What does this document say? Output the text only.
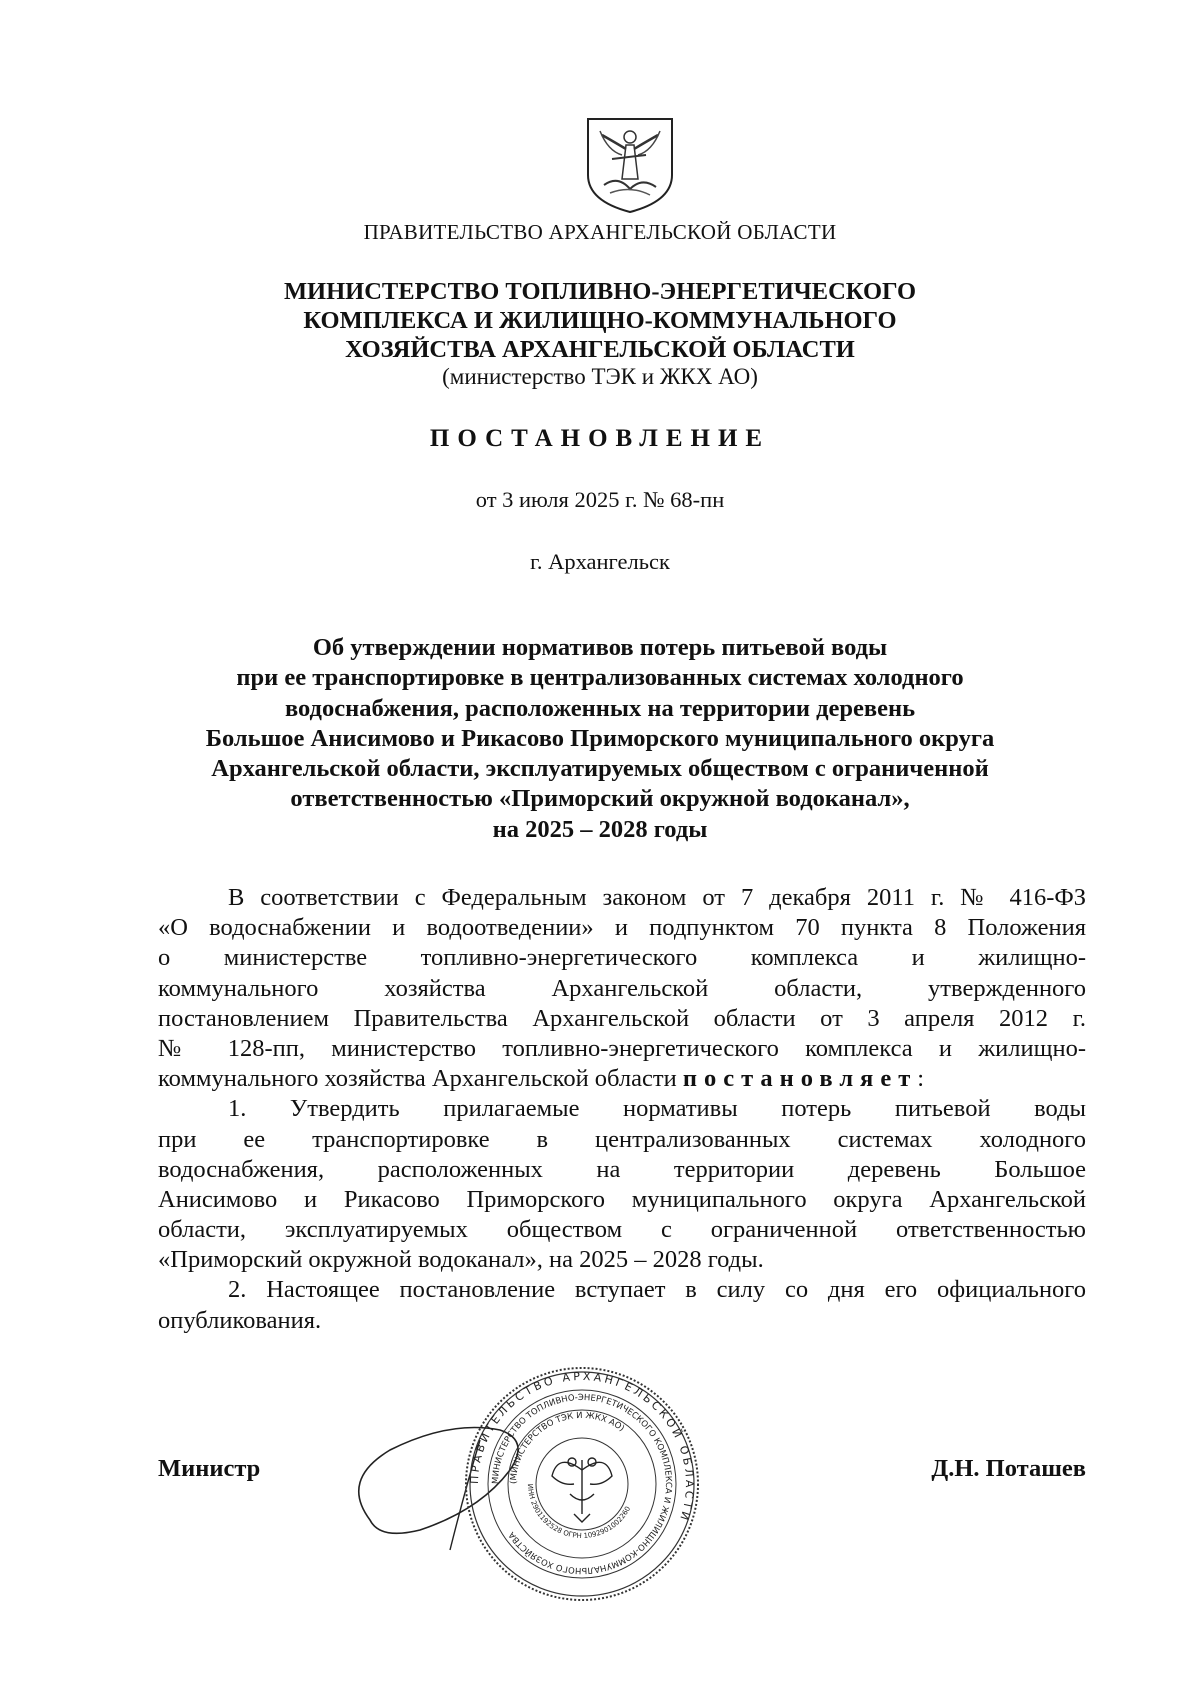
ПРАВИТЕЛЬСТВО АРХАНГЕЛЬСКОЙ ОБЛАСТИ
МИНИСТЕРСТВО ТОПЛИВНО-ЭНЕРГЕТИЧЕСКОГО
КОМПЛЕКСА И ЖИЛИЩНО-КОММУНАЛЬНОГО
ХОЗЯЙСТВА АРХАНГЕЛЬСКОЙ ОБЛАСТИ
(министерство ТЭК и ЖКХ АО)
ПОСТАНОВЛЕНИЕ
от 3 июля 2025 г. № 68-пн
г. Архангельск
Об утверждении нормативов потерь питьевой воды
при ее транспортировке в централизованных системах холодного
водоснабжения, расположенных на территории деревень
Большое Анисимово и Рикасово Приморского муниципального округа
Архангельской области, эксплуатируемых обществом с ограниченной
ответственностью «Приморский окружной водоканал»,
на 2025 – 2028 годы
В соответствии с Федеральным законом от 7 декабря 2011 г. № 416-ФЗ
«О водоснабжении и водоотведении» и подпунктом 70 пункта 8 Положения
о министерстве топливно-энергетического комплекса и жилищно-
коммунального хозяйства Архангельской области, утвержденного
постановлением Правительства Архангельской области от 3 апреля 2012 г.
№ 128-пп, министерство топливно-энергетического комплекса и жилищно-
коммунального хозяйства Архангельской области постановляет:
1. Утвердить прилагаемые нормативы потерь питьевой воды
при ее транспортировке в централизованных системах холодного
водоснабжения, расположенных на территории деревень Большое
Анисимово и Рикасово Приморского муниципального округа Архангельской
области, эксплуатируемых обществом с ограниченной ответственностью
«Приморский окружной водоканал», на 2025 – 2028 годы.
2. Настоящее постановление вступает в силу со дня его официального
опубликования.
ПРАВИТЕЛЬСТВО АРХАНГЕЛЬСКОЙ ОБЛАСТИ
МИНИСТЕРСТВО ТОПЛИВНО-ЭНЕРГЕТИЧЕСКОГО КОМПЛЕКСА И ЖИЛИЩНО-КОММУНАЛЬНОГО ХОЗЯЙСТВА
(МИНИСТЕРСТВО ТЭК И ЖКХ АО)
ИНН 2901192528 ОГРН 1092901002260
Министр	Д.Н. Поташев
